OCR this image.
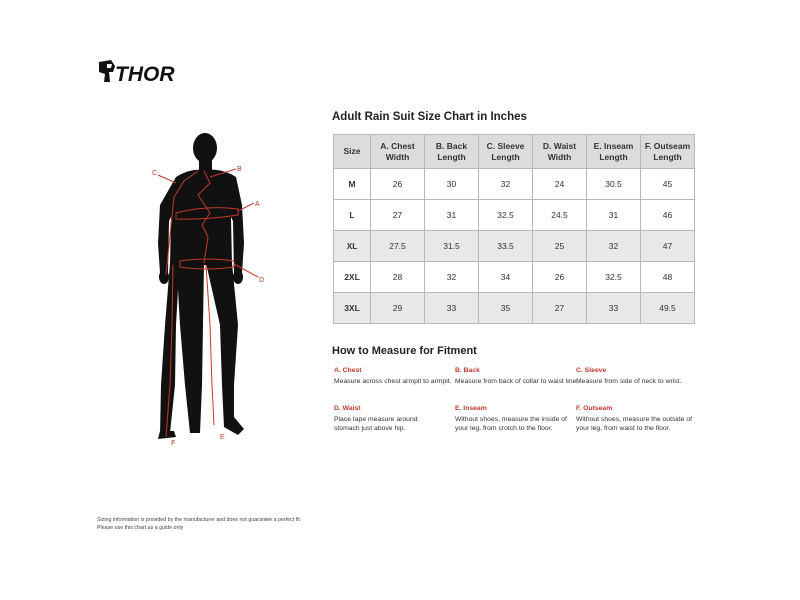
THOR
A
B
C
D
E
F
Adult Rain Suit Size Chart in Inches
Size	A. Chest Width	B. Back Length	C. Sleeve Length	D. Waist Width	E. Inseam Length	F. Outseam Length
M	26	30	32	24	30.5	45
L	27	31	32.5	24.5	31	46
XL	27.5	31.5	33.5	25	32	47
2XL	28	32	34	26	32.5	48
3XL	29	33	35	27	33	49.5
How to Measure for Fitment
A. Chest
Measure across chest armpit to armpit.
B. Back
Measure from back of collar to waist line.
C. Sleeve
Measure from side of neck to wrist.
D. Waist
Place tape measure around stomach just above hip.
E. Inseam
Without shoes, measure the inside of your leg, from crotch to the floor.
F. Outseam
Without shoes, measure the outside of your leg, from waist to the floor.
Sizing information is provided by the manufacturer and does not guarantee a perfect fit.
Please use this chart as a guide only
